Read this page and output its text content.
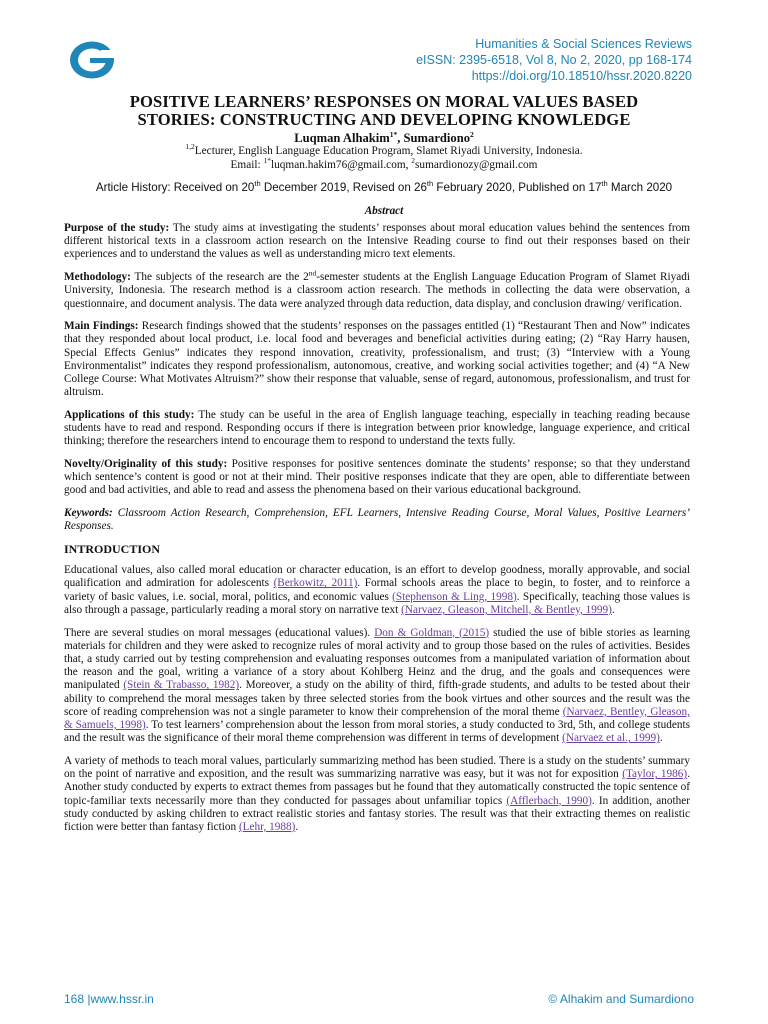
Humanities & Social Sciences Reviews
eISSN: 2395-6518, Vol 8, No 2, 2020, pp 168-174
https://doi.org/10.18510/hssr.2020.8220
POSITIVE LEARNERS’ RESPONSES ON MORAL VALUES BASED
STORIES: CONSTRUCTING AND DEVELOPING KNOWLEDGE
Luqman Alhakim$^{1*}$, Sumardiono$^2$
$^{1,2}$Lecturer, English Language Education Program, Slamet Riyadi University, Indonesia.
Email: $^{1*}$luqman.hakim76@gmail.com, $^2$sumardionozy@gmail.com
Article History: Received on 20th December 2019, Revised on 26th February 2020, Published on 17th March 2020
Abstract

Purpose of the study: The study aims at investigating the students’ responses about moral education values behind the sentences from different historical texts in a classroom action research on the Intensive Reading course to find out their responses based on their experiences and to understand the values as well as understanding micro text elements.

Methodology: The subjects of the research are the 2nd-semester students at the English Language Education Program of Slamet Riyadi University, Indonesia. The research method is a classroom action research. The methods in collecting the data were observation, a questionnaire, and document analysis. The data were analyzed through data reduction, data display, and conclusion drawing/ verification.

Main Findings: Research findings showed that the students’ responses on the passages entitled (1) “Restaurant Then and Now” indicates that they responded about local product, i.e. local food and beverages and beneficial activities during eating; (2) “Ray Harry hausen, Special Effects Genius” indicates they respond innovation, creativity, professionalism, and trust; (3) “Interview with a Young Environmentalist” indicates they respond professionalism, autonomous, creative, and working social activities together; and (4) “A New College Course: What Motivates Altruism?” show their response that valuable, sense of regard, autonomous, professionalism, and trust for altruism.

Applications of this study: The study can be useful in the area of English language teaching, especially in teaching reading because students have to read and respond. Responding occurs if there is integration between prior knowledge, language experience, and critical thinking; therefore the researchers intend to encourage them to respond to understand the texts fully.

Novelty/Originality of this study: Positive responses for positive sentences dominate the students’ response; so that they understand which sentence’s content is good or not at their mind. Their positive responses indicate that they are open, able to differentiate between good and bad activities, and able to read and assess the phenomena based on their various educational background.

Keywords: Classroom Action Research, Comprehension, EFL Learners, Intensive Reading Course, Moral Values, Positive Learners’ Responses.

INTRODUCTION

Educational values, also called moral education or character education, is an effort to develop goodness, morally approvable, and social qualification and admiration for adolescents (Berkowitz, 2011). Formal schools areas the place to begin, to foster, and to reinforce a variety of basic values, i.e. social, moral, politics, and economic values (Stephenson & Ling, 1998). Specifically, teaching those values is also through a passage, particularly reading a moral story on narrative text (Narvaez, Gleason, Mitchell, & Bentley, 1999).

There are several studies on moral messages (educational values). Don & Goldman, (2015) studied the use of bible stories as learning materials for children and they were asked to recognize rules of moral activity and to group those based on the rules of activities. Besides that, a study carried out by testing comprehension and evaluating responses outcomes from a manipulated variation of information about the reason and the goal, writing a variance of a story about Kohlberg Heinz and the drug, and the goals and consequences were manipulated (Stein & Trabasso, 1982). Moreover, a study on the ability of third, fifth-grade students, and adults to be tested about their ability to comprehend the moral messages taken by three selected stories from the book virtues and other sources and the result was the score of reading comprehension was not a single parameter to know their comprehension of the moral theme (Narvaez, Bentley, Gleason, & Samuels, 1998). To test learners’ comprehension about the lesson from moral stories, a study conducted to 3rd, 5th, and college students and the result was the significance of their moral theme comprehension was different in terms of development (Narvaez et al., 1999).

A variety of methods to teach moral values, particularly summarizing method has been studied. There is a study on the students’ summary on the point of narrative and exposition, and the result was summarizing narrative was easy, but it was not for exposition (Taylor, 1986). Another study conducted by experts to extract themes from passages but he found that they automatically constructed the topic sentence of topic-familiar texts necessarily more than they conducted for passages about unfamiliar topics (Afflerbach, 1990). In addition, another study conducted by asking children to extract realistic stories and fantasy stories. The result was that their extracting themes on realistic fiction were better than fantasy fiction (Lehr, 1988).

168 |www.hssr.in	© Alhakim and Sumardiono
